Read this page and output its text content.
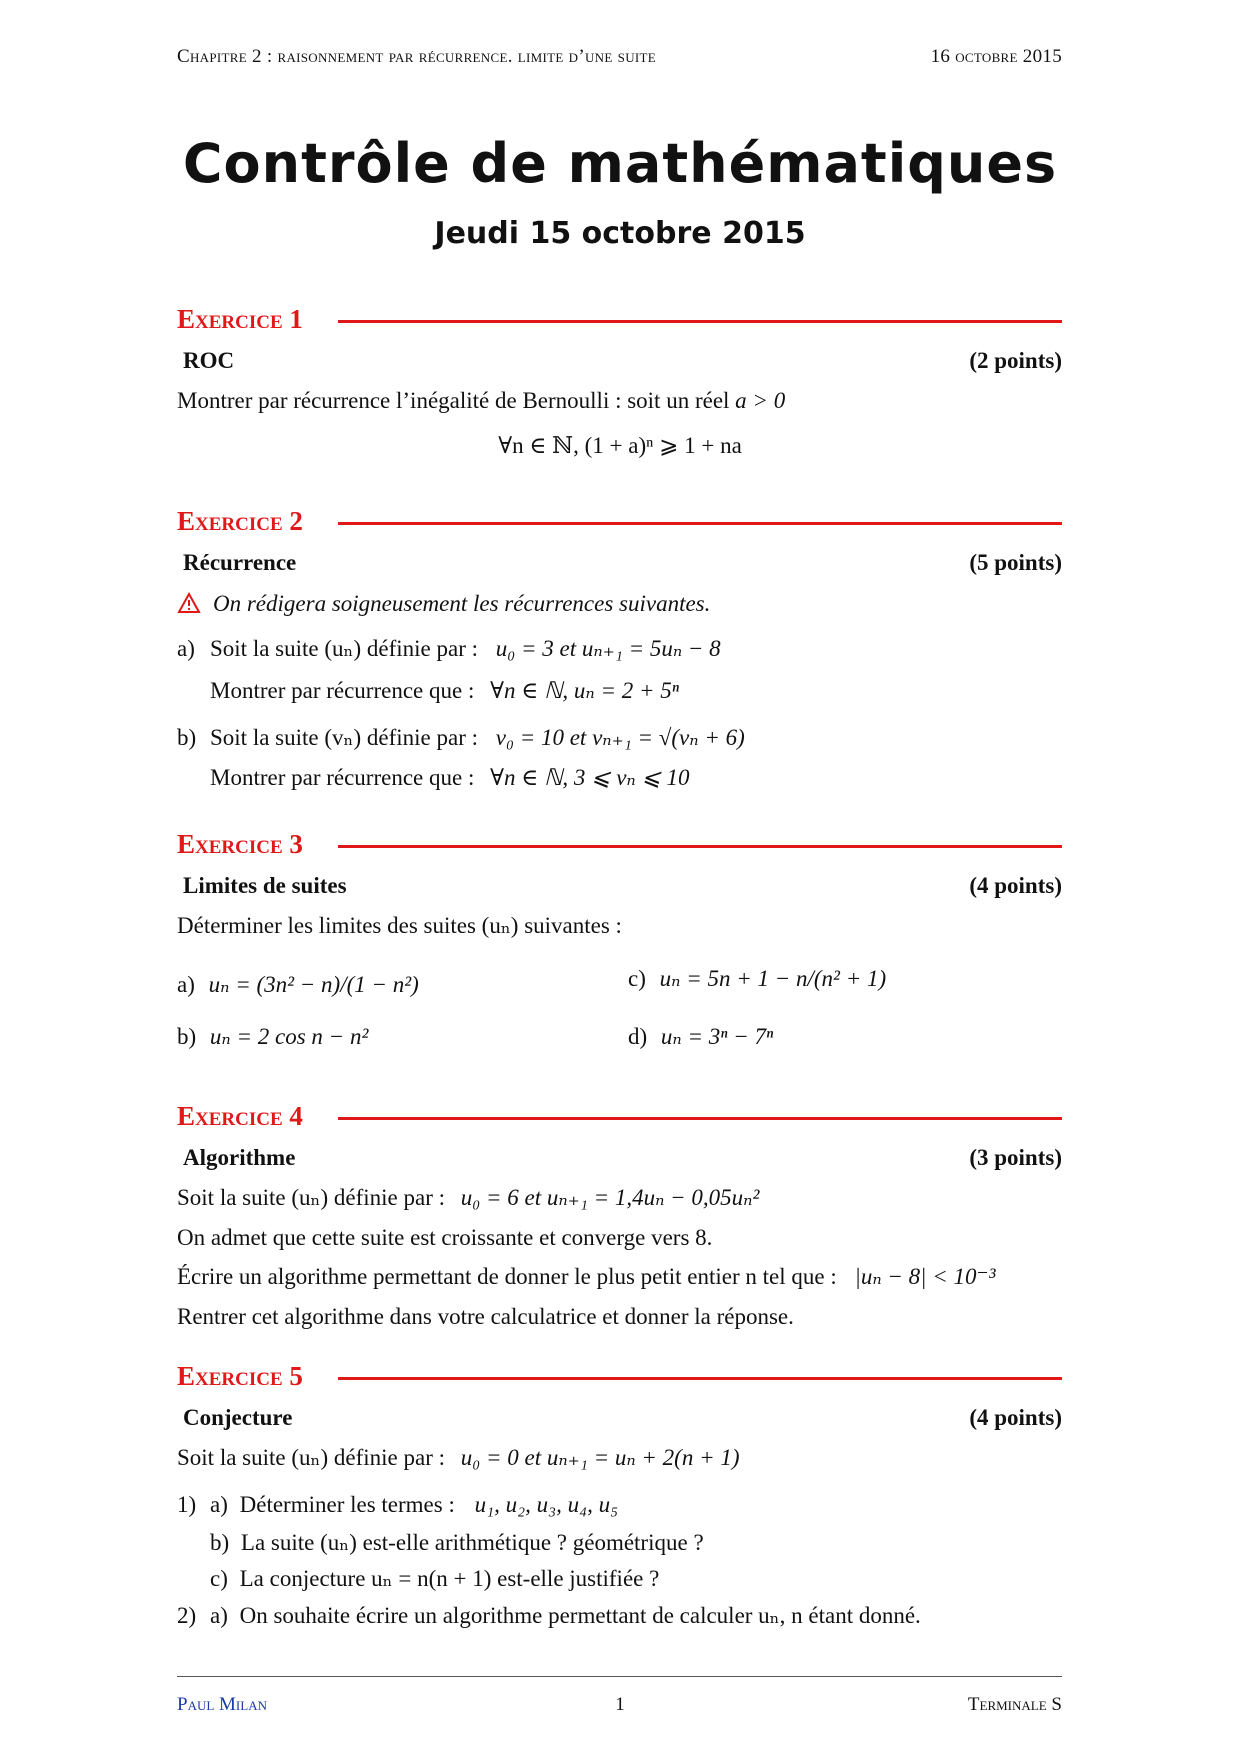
Chapitre 2 : raisonnement par récurrence. limite d’une suite	16 octobre 2015
Contrôle de mathématiques
Jeudi 15 octobre 2015
Exercice 1
ROC	(2 points)
Montrer par récurrence l’inégalité de Bernoulli : soit un réel a > 0
∀n ∈ ℕ, (1 + a)ⁿ ⩾ 1 + na
Exercice 2
Récurrence	(5 points)
On rédigera soigneusement les récurrences suivantes.
a) Soit la suite (uₙ) définie par : u₀ = 3 et uₙ₊₁ = 5uₙ − 8
Montrer par récurrence que : ∀n ∈ ℕ, uₙ = 2 + 5ⁿ
b) Soit la suite (vₙ) définie par : v₀ = 10 et vₙ₊₁ = √(vₙ + 6)
Montrer par récurrence que : ∀n ∈ ℕ, 3 ⩽ vₙ ⩽ 10
Exercice 3
Limites de suites	(4 points)
Déterminer les limites des suites (uₙ) suivantes :
a) uₙ = (3n² − n)/(1 − n²)
b) uₙ = 2 cos n − n²
c) uₙ = 5n + 1 − n/(n² + 1)
d) uₙ = 3ⁿ − 7ⁿ
Exercice 4
Algorithme	(3 points)
Soit la suite (uₙ) définie par : u₀ = 6 et uₙ₊₁ = 1,4uₙ − 0,05uₙ²
On admet que cette suite est croissante et converge vers 8.
Écrire un algorithme permettant de donner le plus petit entier n tel que : |uₙ − 8| < 10⁻³
Rentrer cet algorithme dans votre calculatrice et donner la réponse.
Exercice 5
Conjecture	(4 points)
Soit la suite (uₙ) définie par : u₀ = 0 et uₙ₊₁ = uₙ + 2(n + 1)
1) a) Déterminer les termes : u₁, u₂, u₃, u₄, u₅
b) La suite (uₙ) est-elle arithmétique ? géométrique ?
c) La conjecture uₙ = n(n + 1) est-elle justifiée ?
2) a) On souhaite écrire un algorithme permettant de calculer uₙ, n étant donné.
Paul Milan	1	Terminale S
